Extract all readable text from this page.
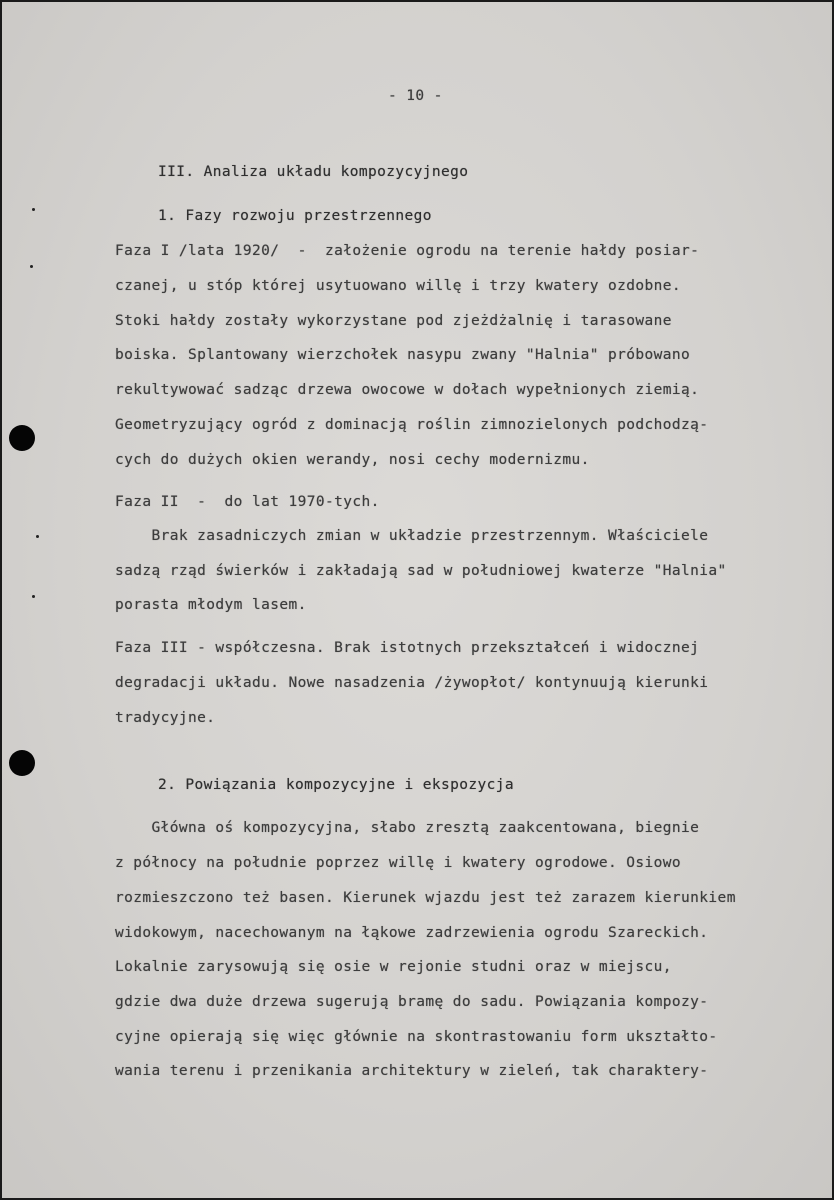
- 10 -
III. Analiza układu kompozycyjnego
1. Fazy rozwoju przestrzennego
Faza I /lata 1920/  -  założenie ogrodu na terenie hałdy posiar-
czanej, u stóp której usytuowano willę i trzy kwatery ozdobne.
Stoki hałdy zostały wykorzystane pod zjeżdżalnię i tarasowane
boiska. Splantowany wierzchołek nasypu zwany "Halnia" próbowano
rekultywować sadząc drzewa owocowe w dołach wypełnionych ziemią.
Geometryzujący ogród z dominacją roślin zimnozielonych podchodzą-
cych do dużych okien werandy, nosi cechy modernizmu.
Faza II  -  do lat 1970-tych.
Brak zasadniczych zmian w układzie przestrzennym. Właściciele
sadzą rząd świerków i zakładają sad w południowej kwaterze "Halnia"
porasta młodym lasem.
Faza III - współczesna. Brak istotnych przekształceń i widocznej
degradacji układu. Nowe nasadzenia /żywopłot/ kontynuują kierunki
tradycyjne.
2. Powiązania kompozycyjne i ekspozycja
Główna oś kompozycyjna, słabo zresztą zaakcentowana, biegnie
z północy na południe poprzez willę i kwatery ogrodowe. Osiowo
rozmieszczono też basen. Kierunek wjazdu jest też zarazem kierunkiem
widokowym, nacechowanym na łąkowe zadrzewienia ogrodu Szareckich.
Lokalnie zarysowują się osie w rejonie studni oraz w miejscu,
gdzie dwa duże drzewa sugerują bramę do sadu. Powiązania kompozy-
cyjne opierają się więc głównie na skontrastowaniu form ukształto-
wania terenu i przenikania architektury w zieleń, tak charaktery-
